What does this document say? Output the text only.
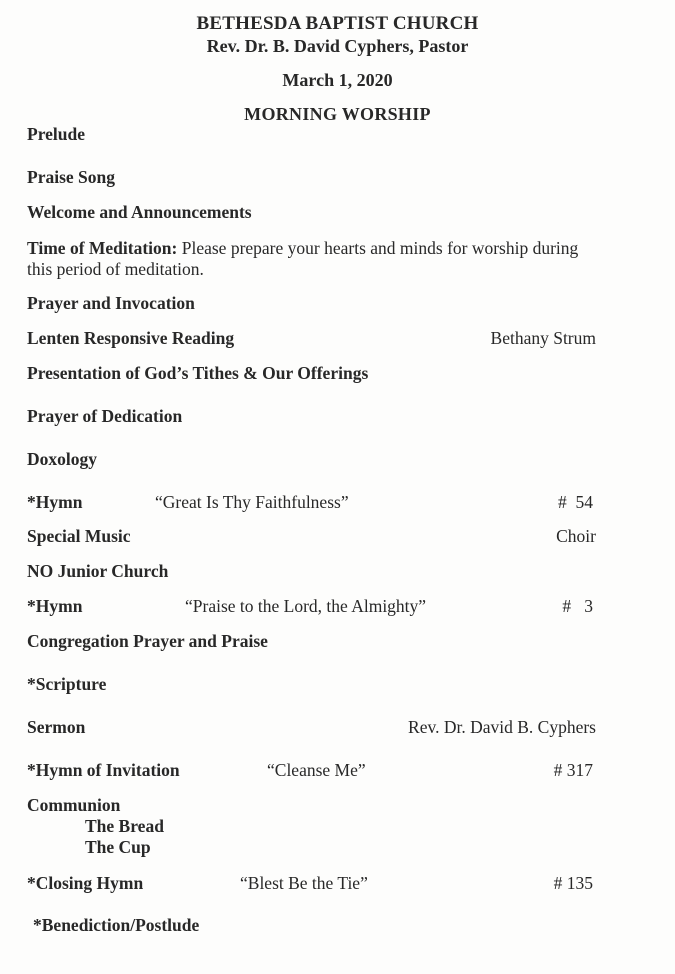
BETHESDA BAPTIST CHURCH
Rev. Dr. B. David Cyphers, Pastor
March 1, 2020
MORNING WORSHIP
Prelude
Praise Song
Welcome and Announcements
Time of Meditation: Please prepare your hearts and minds for worship during this period of meditation.
Prayer and Invocation
Lenten Responsive Reading	Bethany Strum
Presentation of God’s Tithes & Our Offerings
Prayer of Dedication
Doxology
*Hymn	“Great Is Thy Faithfulness”	#  54
Special Music	Choir
NO Junior Church
*Hymn	“Praise to the Lord, the Almighty”	#   3
Congregation Prayer and Praise
*Scripture
Sermon	Rev. Dr. David B. Cyphers
*Hymn of Invitation	“Cleanse Me”	# 317
Communion
The Bread
The Cup
*Closing Hymn	“Blest Be the Tie”	# 135
*Benediction/Postlude
